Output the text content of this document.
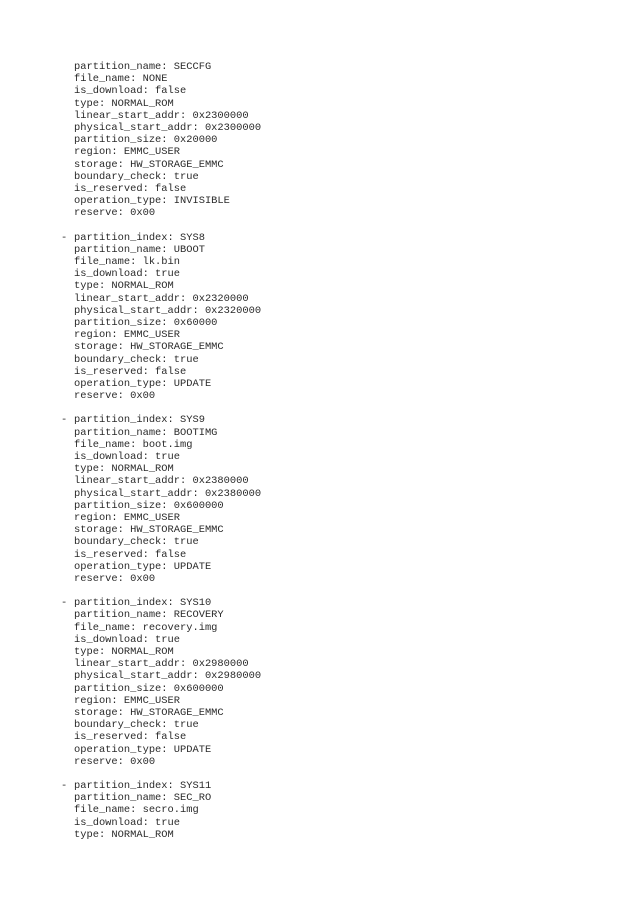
partition_name: SECCFG
file_name: NONE
is_download: false
type: NORMAL_ROM
linear_start_addr: 0x2300000
physical_start_addr: 0x2300000
partition_size: 0x20000
region: EMMC_USER
storage: HW_STORAGE_EMMC
boundary_check: true
is_reserved: false
operation_type: INVISIBLE
reserve: 0x00
- partition_index: SYS8
partition_name: UBOOT
file_name: lk.bin
is_download: true
type: NORMAL_ROM
linear_start_addr: 0x2320000
physical_start_addr: 0x2320000
partition_size: 0x60000
region: EMMC_USER
storage: HW_STORAGE_EMMC
boundary_check: true
is_reserved: false
operation_type: UPDATE
reserve: 0x00
- partition_index: SYS9
partition_name: BOOTIMG
file_name: boot.img
is_download: true
type: NORMAL_ROM
linear_start_addr: 0x2380000
physical_start_addr: 0x2380000
partition_size: 0x600000
region: EMMC_USER
storage: HW_STORAGE_EMMC
boundary_check: true
is_reserved: false
operation_type: UPDATE
reserve: 0x00
- partition_index: SYS10
partition_name: RECOVERY
file_name: recovery.img
is_download: true
type: NORMAL_ROM
linear_start_addr: 0x2980000
physical_start_addr: 0x2980000
partition_size: 0x600000
region: EMMC_USER
storage: HW_STORAGE_EMMC
boundary_check: true
is_reserved: false
operation_type: UPDATE
reserve: 0x00
- partition_index: SYS11
partition_name: SEC_RO
file_name: secro.img
is_download: true
type: NORMAL_ROM
